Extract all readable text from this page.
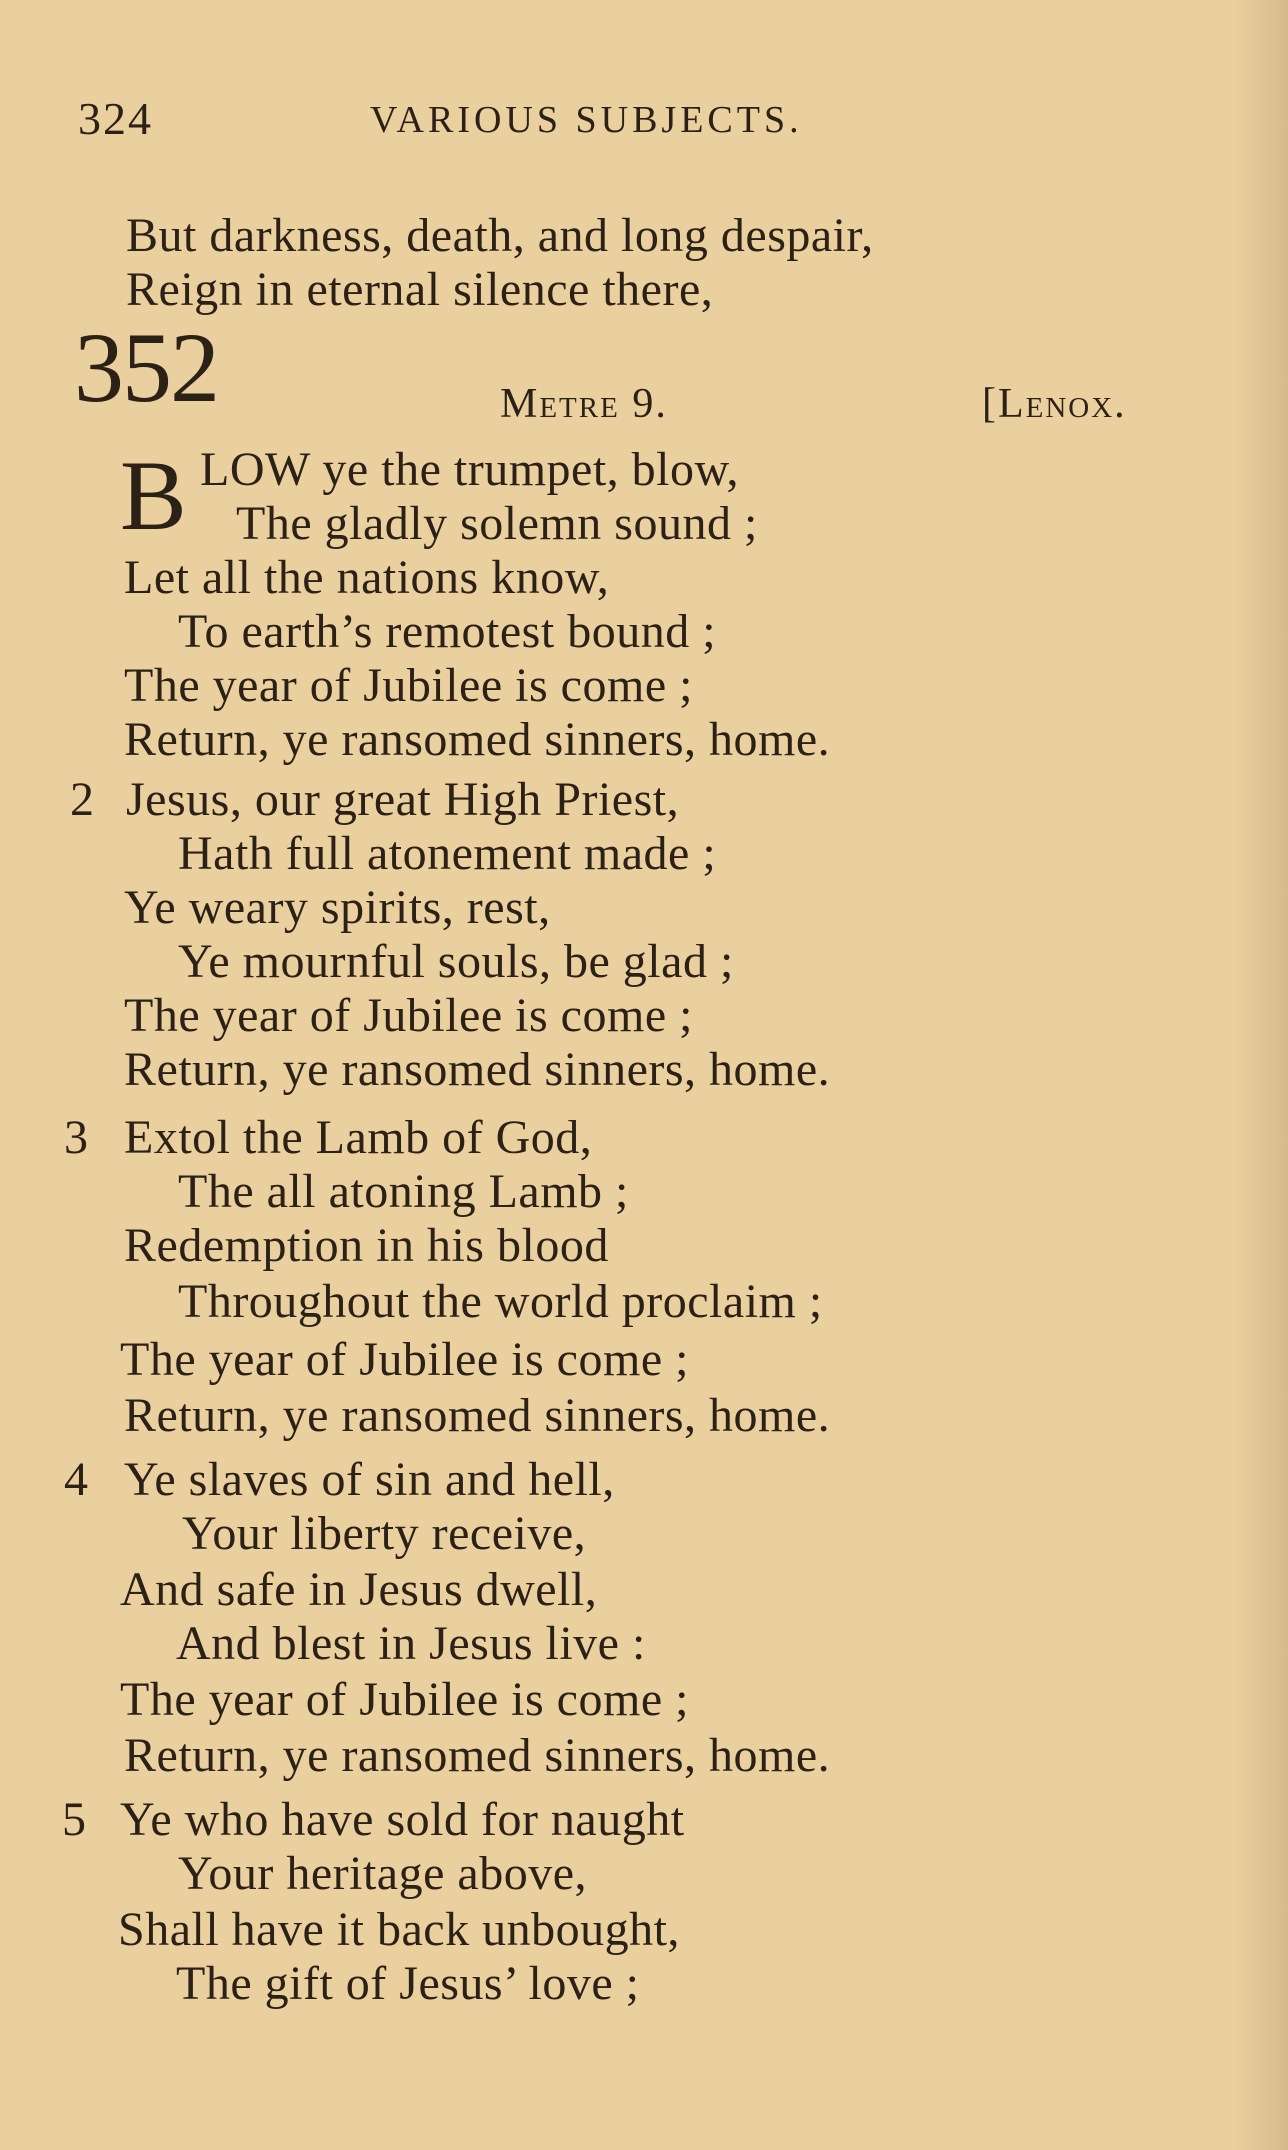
324	VARIOUS SUBJECTS.
But darkness, death, and long despair,
Reign in eternal silence there,
352	Metre 9.	[Lenox.
B LOW ye the trumpet, blow,
The gladly solemn sound ;
Let all the nations know,
To earth’s remotest bound ;
The year of Jubilee is come ;
Return, ye ransomed sinners, home.
2 Jesus, our great High Priest,
Hath full atonement made ;
Ye weary spirits, rest,
Ye mournful souls, be glad ;
The year of Jubilee is come ;
Return, ye ransomed sinners, home.
3 Extol the Lamb of God,
The all atoning Lamb ;
Redemption in his blood
Throughout the world proclaim ;
The year of Jubilee is come ;
Return, ye ransomed sinners, home.
4 Ye slaves of sin and hell,
Your liberty receive,
And safe in Jesus dwell,
And blest in Jesus live :
The year of Jubilee is come ;
Return, ye ransomed sinners, home.
5 Ye who have sold for naught
Your heritage above,
Shall have it back unbought,
The gift of Jesus’ love ;
